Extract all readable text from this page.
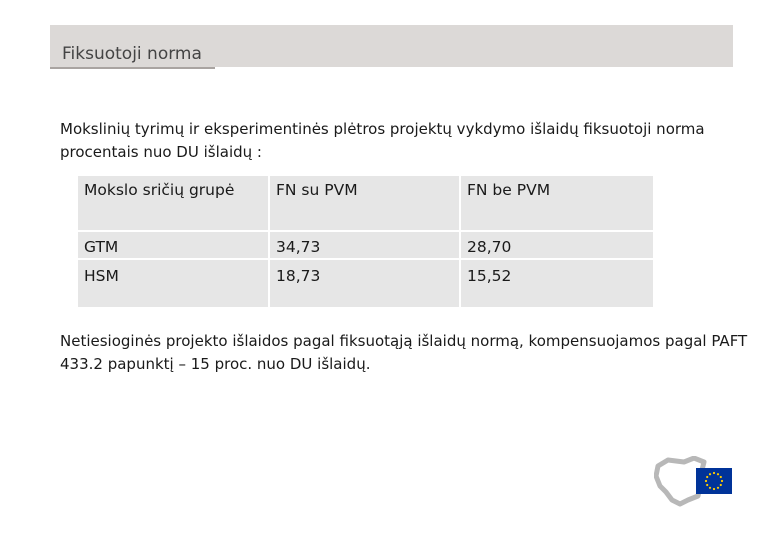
Fiksuotoji norma
Mokslinių tyrimų ir eksperimentinės plėtros projektų vykdymo išlaidų fiksuotoji norma procentais nuo DU išlaidų :
Mokslo sričių grupė	FN su PVM	FN be PVM
GTM
HSM
34,73
18,73
28,70
15,52
Netiesioginės projekto išlaidos pagal fiksuotąją išlaidų normą, kompensuojamos pagal PAFT 433.2 papunktį – 15 proc. nuo DU išlaidų.
